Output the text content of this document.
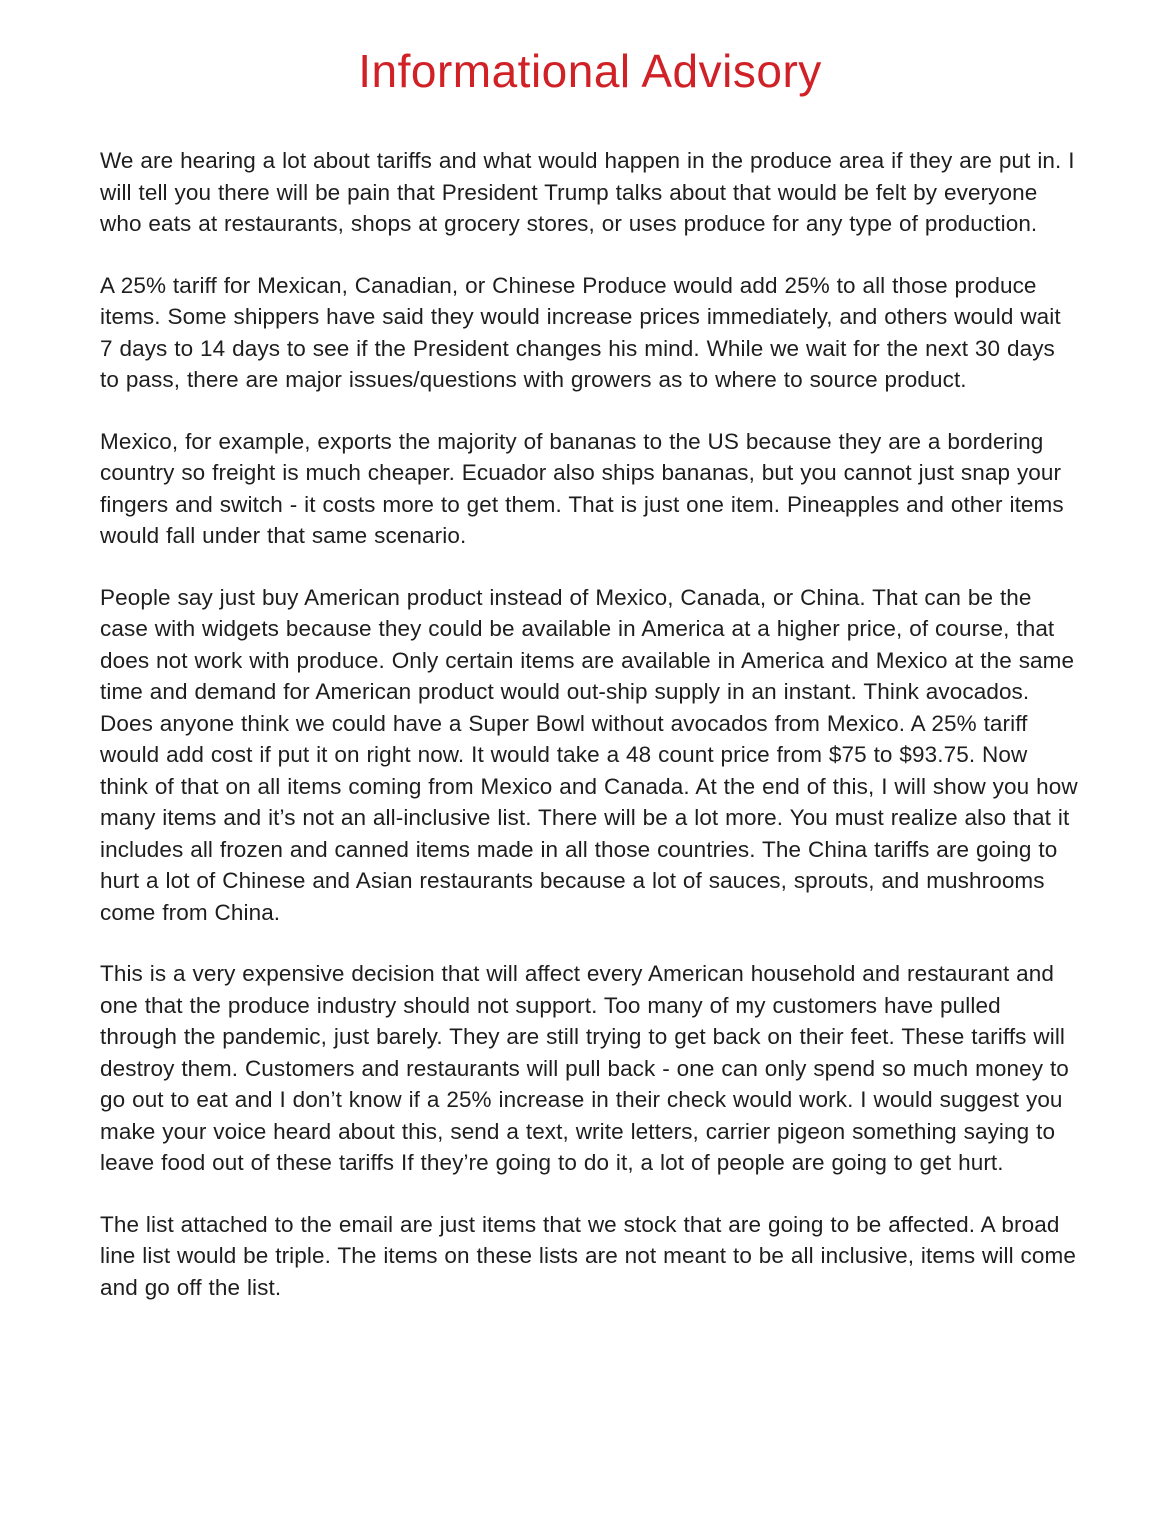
Informational Advisory

We are hearing a lot about tariffs and what would happen in the produce area if they are put in. I will tell you there will be pain that President Trump talks about that would be felt by everyone who eats at restaurants, shops at grocery stores, or uses produce for any type of production.

A 25% tariff for Mexican, Canadian, or Chinese Produce would add 25% to all those produce items. Some shippers have said they would increase prices immediately, and others would wait 7 days to 14 days to see if the President changes his mind. While we wait for the next 30 days to pass, there are major issues/questions with growers as to where to source product.

Mexico, for example, exports the majority of bananas to the US because they are a bordering country so freight is much cheaper. Ecuador also ships bananas, but you cannot just snap your fingers and switch - it costs more to get them. That is just one item. Pineapples and other items would fall under that same scenario.

People say just buy American product instead of Mexico, Canada, or China. That can be the case with widgets because they could be available in America at a higher price, of course, that does not work with produce. Only certain items are available in America and Mexico at the same time and demand for American product would out-ship supply in an instant. Think avocados. Does anyone think we could have a Super Bowl without avocados from Mexico. A 25% tariff would add cost if put it on right now. It would take a 48 count price from $75 to $93.75. Now think of that on all items coming from Mexico and Canada. At the end of this, I will show you how many items and it’s not an all-inclusive list. There will be a lot more. You must realize also that it includes all frozen and canned items made in all those countries. The China tariffs are going to hurt a lot of Chinese and Asian restaurants because a lot of sauces, sprouts, and mushrooms come from China.

This is a very expensive decision that will affect every American household and restaurant and one that the produce industry should not support. Too many of my customers have pulled through the pandemic, just barely. They are still trying to get back on their feet. These tariffs will destroy them. Customers and restaurants will pull back - one can only spend so much money to go out to eat and I don’t know if a 25% increase in their check would work. I would suggest you make your voice heard about this, send a text, write letters, carrier pigeon something saying to leave food out of these tariffs If they’re going to do it, a lot of people are going to get hurt.

The list attached to the email are just items that we stock that are going to be affected. A broad line list would be triple. The items on these lists are not meant to be all inclusive, items will come and go off the list.
